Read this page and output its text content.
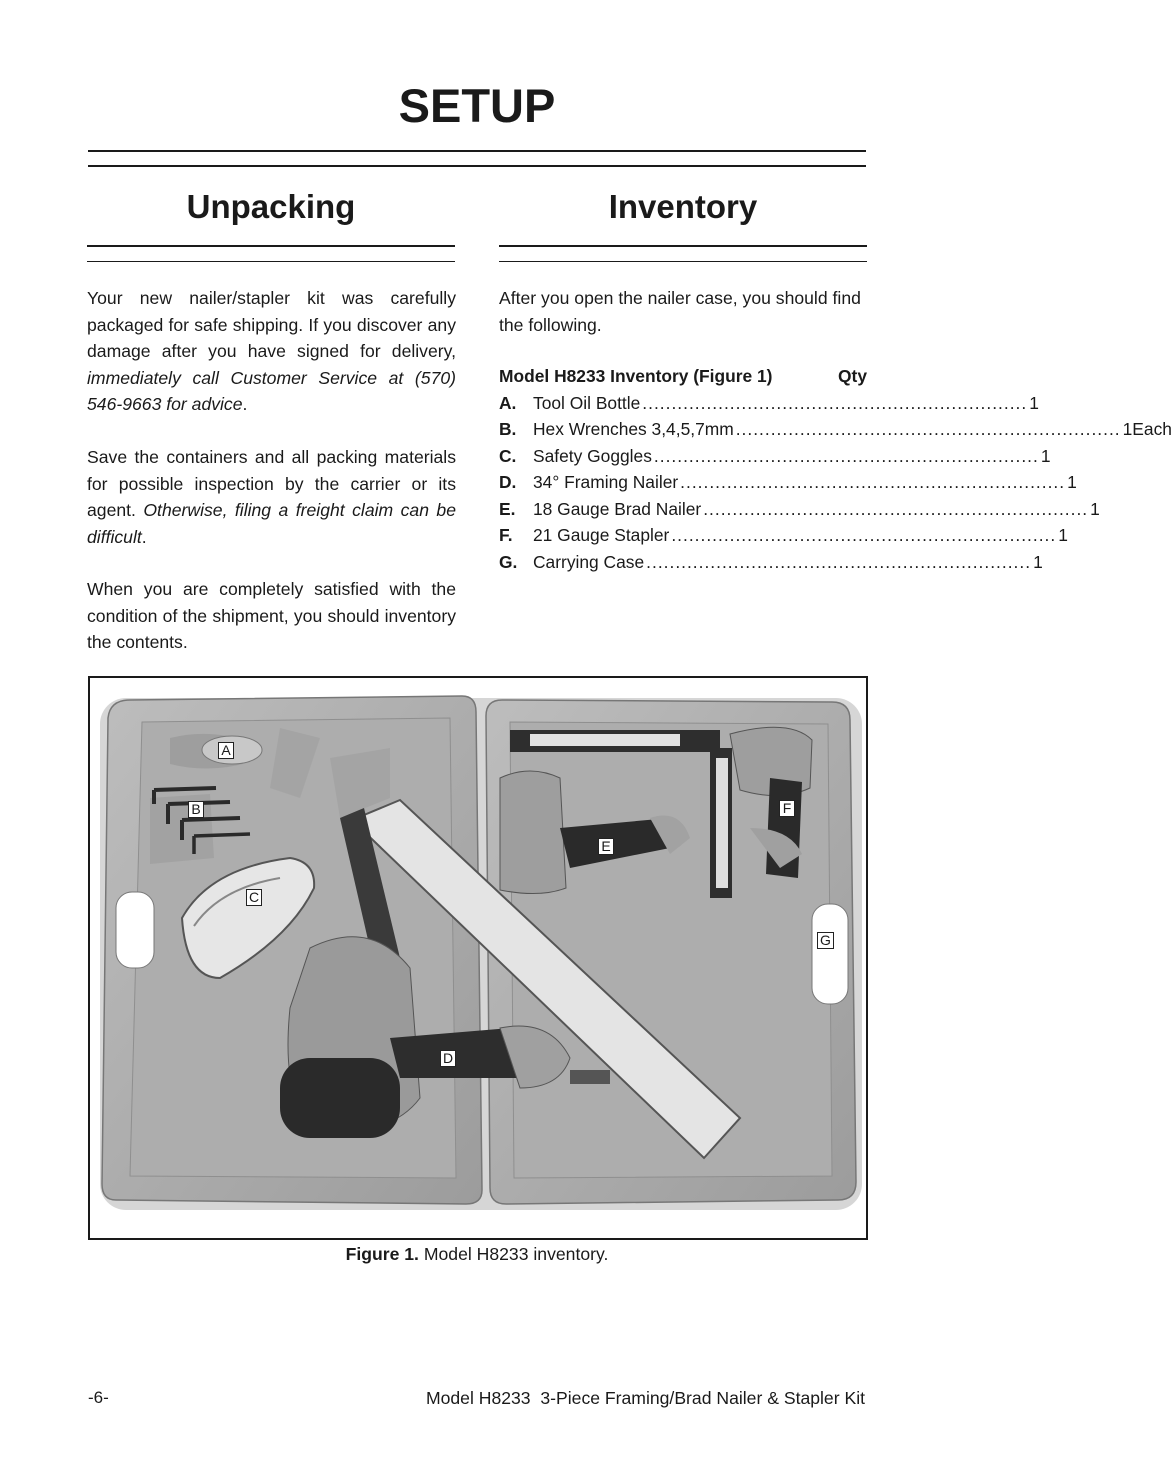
SETUP
Unpacking	Inventory

Your new nailer/stapler kit was carefully packaged for safe shipping. If you discover any damage after you have signed for delivery, immediately call Customer Service at (570) 546-9663 for advice.

Save the containers and all packing materials for possible inspection by the carrier or its agent. Otherwise, filing a freight claim can be difficult.

When you are completely satisfied with the condition of the shipment, you should inventory the contents.

After you open the nailer case, you should find the following.

Model H8233 Inventory (Figure 1)	Qty
A. Tool Oil Bottle .................................................................. 1
B. Hex Wrenches 3,4,5,7mm .................................................................. 1Each
C. Safety Goggles .................................................................. 1
D. 34° Framing Nailer .................................................................. 1
E.	18 Gauge Brad Nailer .................................................................. 1
F.	21 Gauge Stapler .................................................................. 1
G. Carrying Case .................................................................. 1
A
B
C
D
E
F
G
Figure 1. Model H8233 inventory.
-6-	Model H8233  3-Piece Framing/Brad Nailer & Stapler Kit
